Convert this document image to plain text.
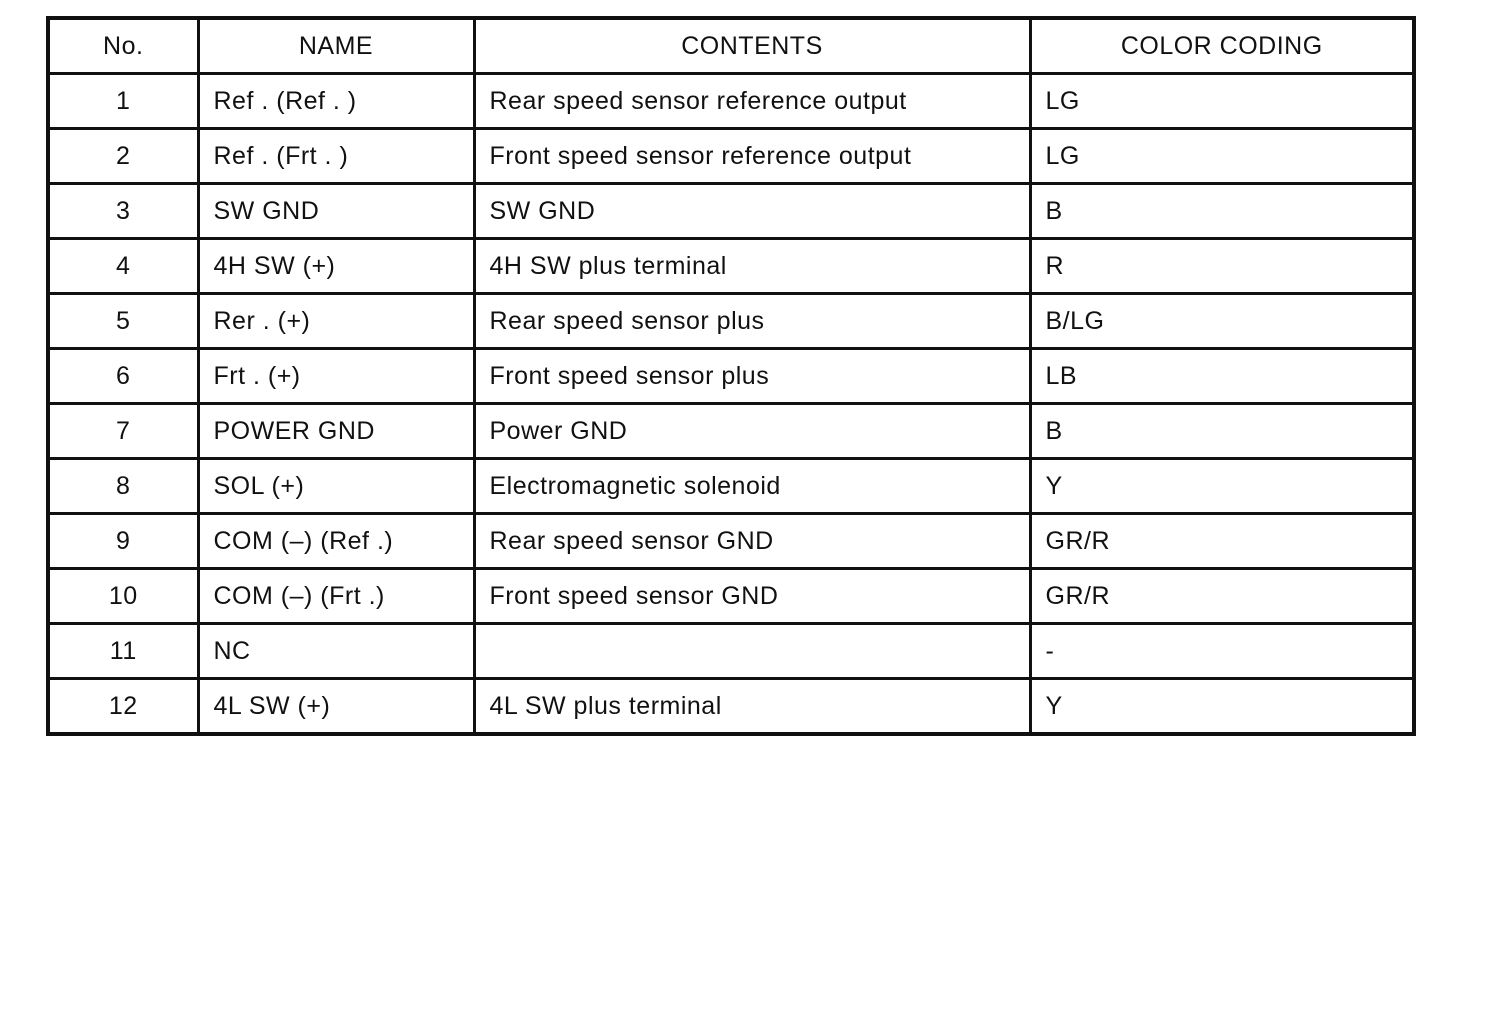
No.	NAME	CONTENTS	COLOR CODING
1	Ref . (Ref . )	Rear speed sensor reference output	LG
2	Ref . (Frt . )	Front speed sensor reference output	LG
3	SW GND	SW GND	B
4	4H SW (+)	4H SW plus terminal	R
5	Rer . (+)	Rear speed sensor plus	B/LG
6	Frt . (+)	Front speed sensor plus	LB
7	POWER GND	Power GND	B
8	SOL (+)	Electromagnetic solenoid	Y
9	COM (–) (Ref .)	Rear speed sensor GND	GR/R
10	COM (–) (Frt .)	Front speed sensor GND	GR/R
11	NC		-
12	4L SW (+)	4L SW plus terminal	Y
